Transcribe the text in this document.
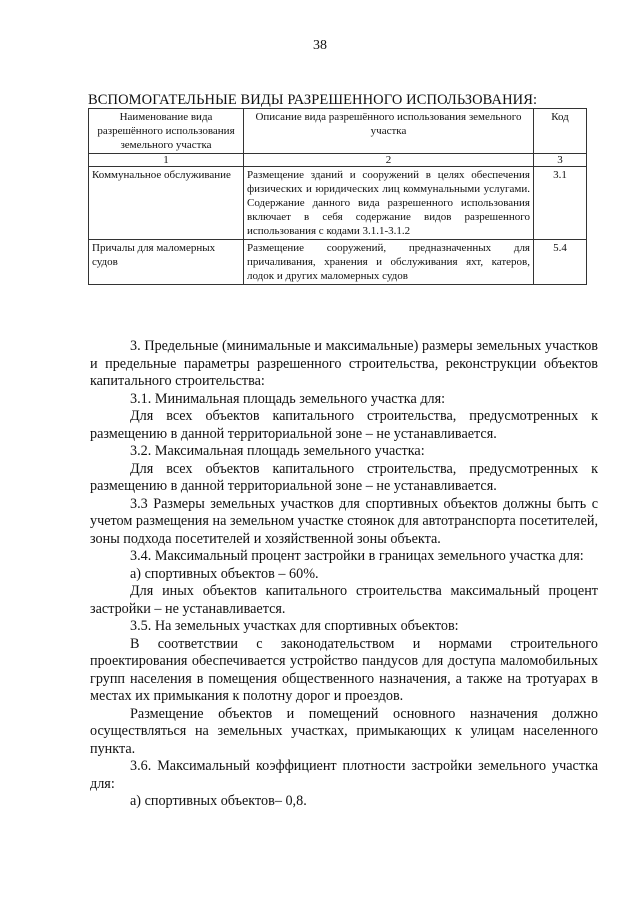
38
ВСПОМОГАТЕЛЬНЫЕ ВИДЫ РАЗРЕШЕННОГО ИСПОЛЬЗОВАНИЯ:
Наименование вида разрешённого использования земельного участка	Описание вида разрешённого использования земельного участка	Код
1	2	3
Коммунальное обслуживание	Размещение зданий и сооружений в целях обеспечения физических и юридических лиц коммунальными услугами. Содержание данного вида разрешенного использования включает в себя содержание видов разрешенного использования с кодами 3.1.1-3.1.2	3.1
Причалы для маломерных судов	Размещение сооружений, предназначенных для причаливания, хранения и обслуживания яхт, катеров, лодок и других маломерных судов	5.4

3. Предельные (минимальные и максимальные) размеры земельных участков и предельные параметры разрешенного строительства, реконструкции объектов капитального строительства:

3.1. Минимальная площадь земельного участка для:

Для всех объектов капитального строительства, предусмотренных к размещению в данной территориальной зоне – не устанавливается.

3.2. Максимальная площадь земельного участка:

Для всех объектов капитального строительства, предусмотренных к размещению в данной территориальной зоне – не устанавливается.

3.3 Размеры земельных участков для спортивных объектов должны быть с учетом размещения на земельном участке стоянок для автотранспорта посетителей, зоны подхода посетителей и хозяйственной зоны объекта.

3.4. Максимальный процент застройки в границах земельного участка для:

а) спортивных объектов – 60%.

Для иных объектов капитального строительства максимальный процент застройки – не устанавливается.

3.5. На земельных участках для спортивных объектов:

В соответствии с законодательством и нормами строительного проектирования обеспечивается устройство пандусов для доступа маломобильных групп населения в помещения общественного назначения, а также на тротуарах в местах их примыкания к полотну дорог и проездов.

Размещение объектов и помещений основного назначения должно осуществляться на земельных участках, примыкающих к улицам населенного пункта.

3.6. Максимальный коэффициент плотности застройки земельного участка для:

а) спортивных объектов– 0,8.
